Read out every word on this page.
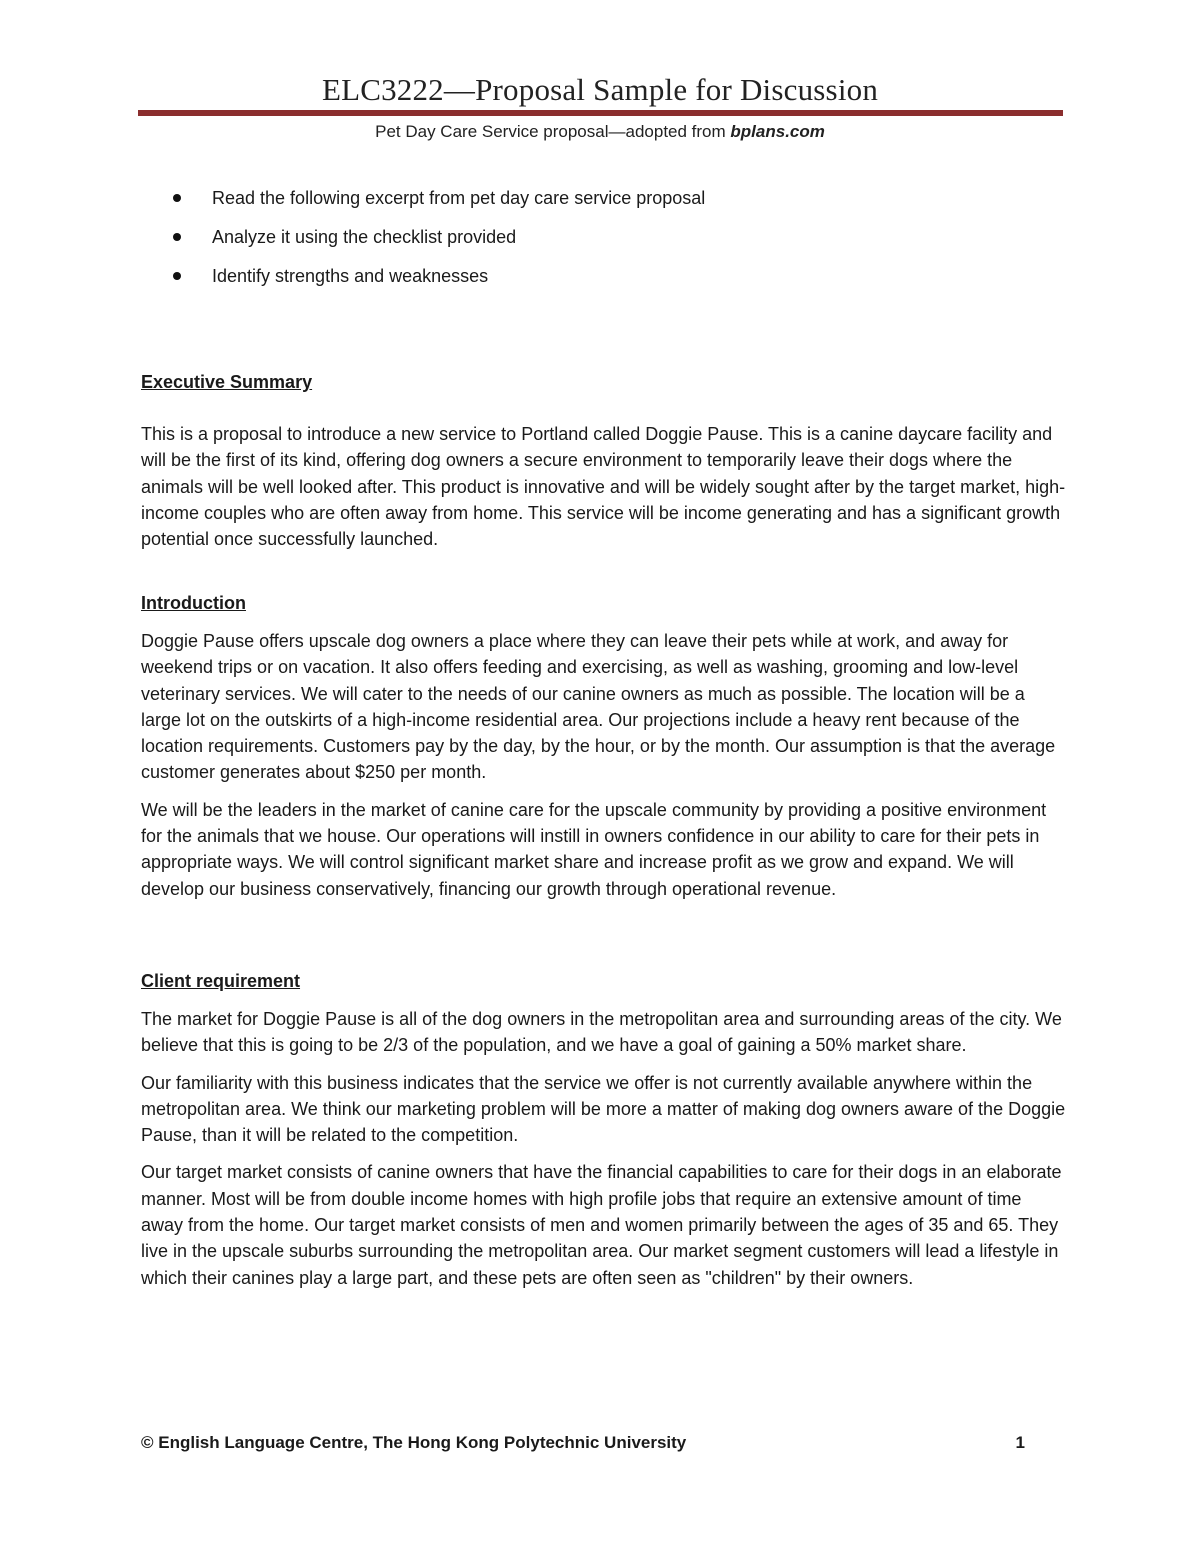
ELC3222—Proposal Sample for Discussion
Pet Day Care Service proposal—adopted from bplans.com
Read the following excerpt from pet day care service proposal
Analyze it using the checklist provided
Identify strengths and weaknesses

Executive Summary

This is a proposal to introduce a new service to Portland called Doggie Pause. This is a canine daycare facility and will be the first of its kind, offering dog owners a secure environment to temporarily leave their dogs where the animals will be well looked after. This product is innovative and will be widely sought after by the target market, high-income couples who are often away from home. This service will be income generating and has a significant growth potential once successfully launched.

Introduction

Doggie Pause offers upscale dog owners a place where they can leave their pets while at work, and away for weekend trips or on vacation. It also offers feeding and exercising, as well as washing, grooming and low-level veterinary services. We will cater to the needs of our canine owners as much as possible. The location will be a large lot on the outskirts of a high-income residential area. Our projections include a heavy rent because of the location requirements. Customers pay by the day, by the hour, or by the month. Our assumption is that the average customer generates about $250 per month.

We will be the leaders in the market of canine care for the upscale community by providing a positive environment for the animals that we house. Our operations will instill in owners confidence in our ability to care for their pets in appropriate ways. We will control significant market share and increase profit as we grow and expand. We will develop our business conservatively, financing our growth through operational revenue.

Client requirement

The market for Doggie Pause is all of the dog owners in the metropolitan area and surrounding areas of the city. We believe that this is going to be 2/3 of the population, and we have a goal of gaining a 50% market share.

Our familiarity with this business indicates that the service we offer is not currently available anywhere within the metropolitan area. We think our marketing problem will be more a matter of making dog owners aware of the Doggie Pause, than it will be related to the competition.

Our target market consists of canine owners that have the financial capabilities to care for their dogs in an elaborate manner. Most will be from double income homes with high profile jobs that require an extensive amount of time away from the home. Our target market consists of men and women primarily between the ages of 35 and 65. They live in the upscale suburbs surrounding the metropolitan area. Our market segment customers will lead a lifestyle in which their canines play a large part, and these pets are often seen as "children" by their owners.

© English Language Centre, The Hong Kong Polytechnic University	1
